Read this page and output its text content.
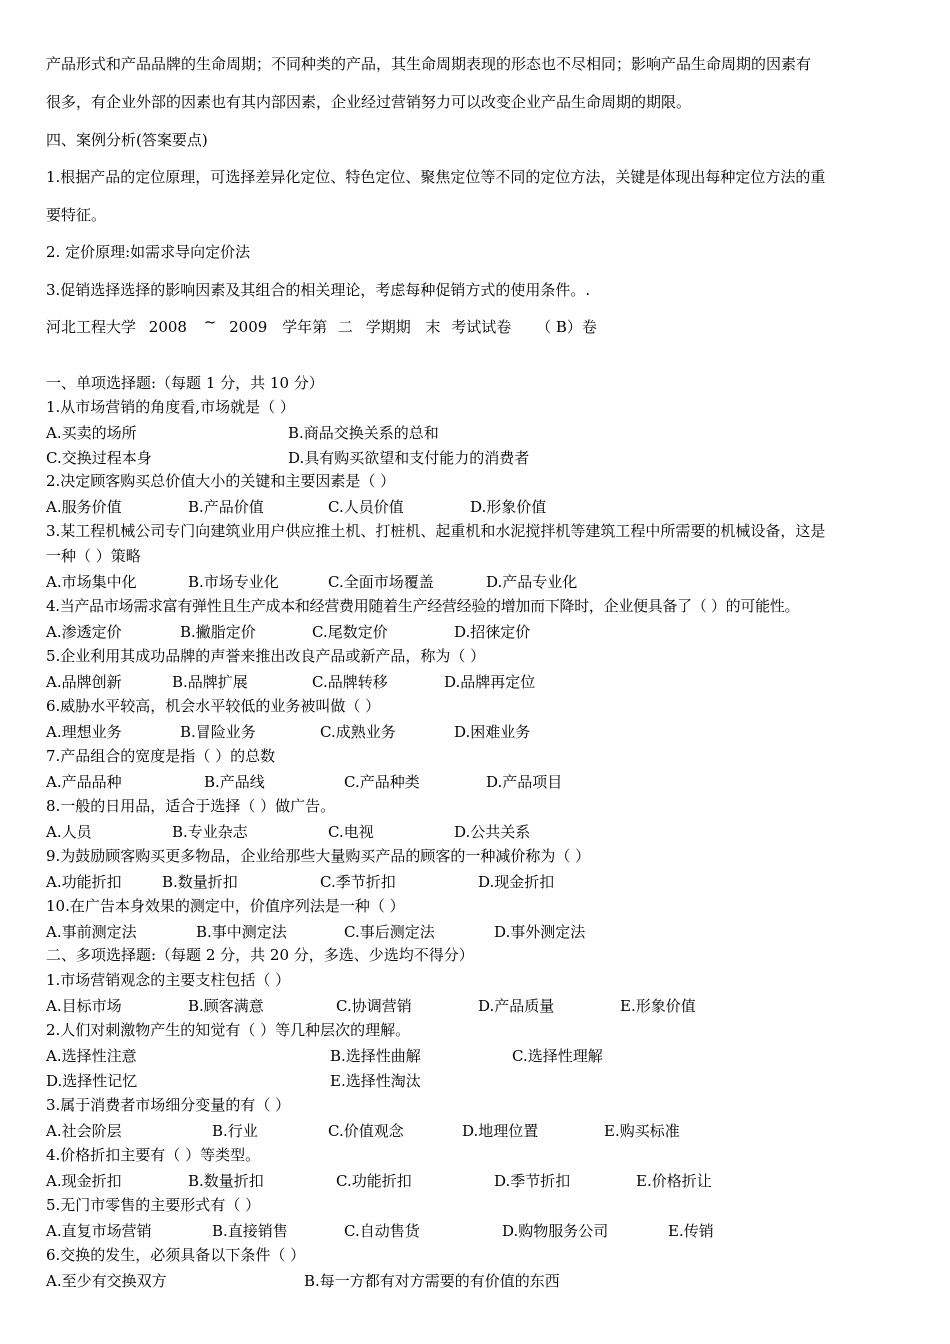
产品形式和产品品牌的生命周期；不同种类的产品，其生命周期表现的形态也不尽相同；影响产品生命周期的因素有
很多，有企业外部的因素也有其内部因素，企业经过营销努力可以改变企业产品生命周期的期限。
四、案例分析(答案要点)
1.根据产品的定位原理，可选择差异化定位、特色定位、聚焦定位等不同的定位方法，关键是体现出每种定位方法的重
要特征。
2. 定价原理:如需求导向定价法
3.促销选择选择的影响因素及其组合的相关理论，考虑每种促销方式的使用条件。.
河北工程大学 2008 ~ 2009 学年第 二 学期期 末 考试试卷 （ B）卷
一、单项选择题:（每题 1 分，共 10 分）
1.从市场营销的角度看,市场就是（ ）
A.买卖的场所	B.商品交换关系的总和
C.交换过程本身	D.具有购买欲望和支付能力的消费者
2.决定顾客购买总价值大小的关键和主要因素是（ ）
A.服务价值	B.产品价值	C.人员价值	D.形象价值
3.某工程机械公司专门向建筑业用户供应推土机、打桩机、起重机和水泥搅拌机等建筑工程中所需要的机械设备，这是
一种（ ）策略
A.市场集中化	B.市场专业化	C.全面市场覆盖	D.产品专业化
4.当产品市场需求富有弹性且生产成本和经营费用随着生产经营经验的增加而下降时，企业便具备了（ ）的可能性。
A.渗透定价	B.撇脂定价	C.尾数定价	D.招徕定价
5.企业利用其成功品牌的声誉来推出改良产品或新产品，称为（ ）
A.品牌创新	B.品牌扩展	C.品牌转移	D.品牌再定位
6.威胁水平较高，机会水平较低的业务被叫做（ ）
A.理想业务	B.冒险业务	C.成熟业务	D.困难业务
7.产品组合的宽度是指（ ）的总数
A.产品品种	B.产品线	C.产品种类	D.产品项目
8.一般的日用品，适合于选择（ ）做广告。
A.人员	B.专业杂志	C.电视	D.公共关系
9.为鼓励顾客购买更多物品，企业给那些大量购买产品的顾客的一种减价称为（ ）
A.功能折扣	B.数量折扣	C.季节折扣	D.现金折扣
10.在广告本身效果的测定中，价值序列法是一种（ ）
A.事前测定法	B.事中测定法	C.事后测定法	D.事外测定法
二、多项选择题:（每题 2 分，共 20 分，多选、少选均不得分）
1.市场营销观念的主要支柱包括（ ）
A.目标市场	B.顾客满意	C.协调营销	D.产品质量	E.形象价值
2.人们对刺激物产生的知觉有（ ）等几种层次的理解。
A.选择性注意	B.选择性曲解	C.选择性理解
D.选择性记忆	E.选择性淘汰
3.属于消费者市场细分变量的有（ ）
A.社会阶层	B.行业	C.价值观念	D.地理位置	E.购买标准
4.价格折扣主要有（ ）等类型。
A.现金折扣	B.数量折扣	C.功能折扣	D.季节折扣	E.价格折让
5.无门市零售的主要形式有（ ）
A.直复市场营销	B.直接销售	C.自动售货	D.购物服务公司	E.传销
6.交换的发生，必须具备以下条件（ ）
A.至少有交换双方	B.每一方都有对方需要的有价值的东西
